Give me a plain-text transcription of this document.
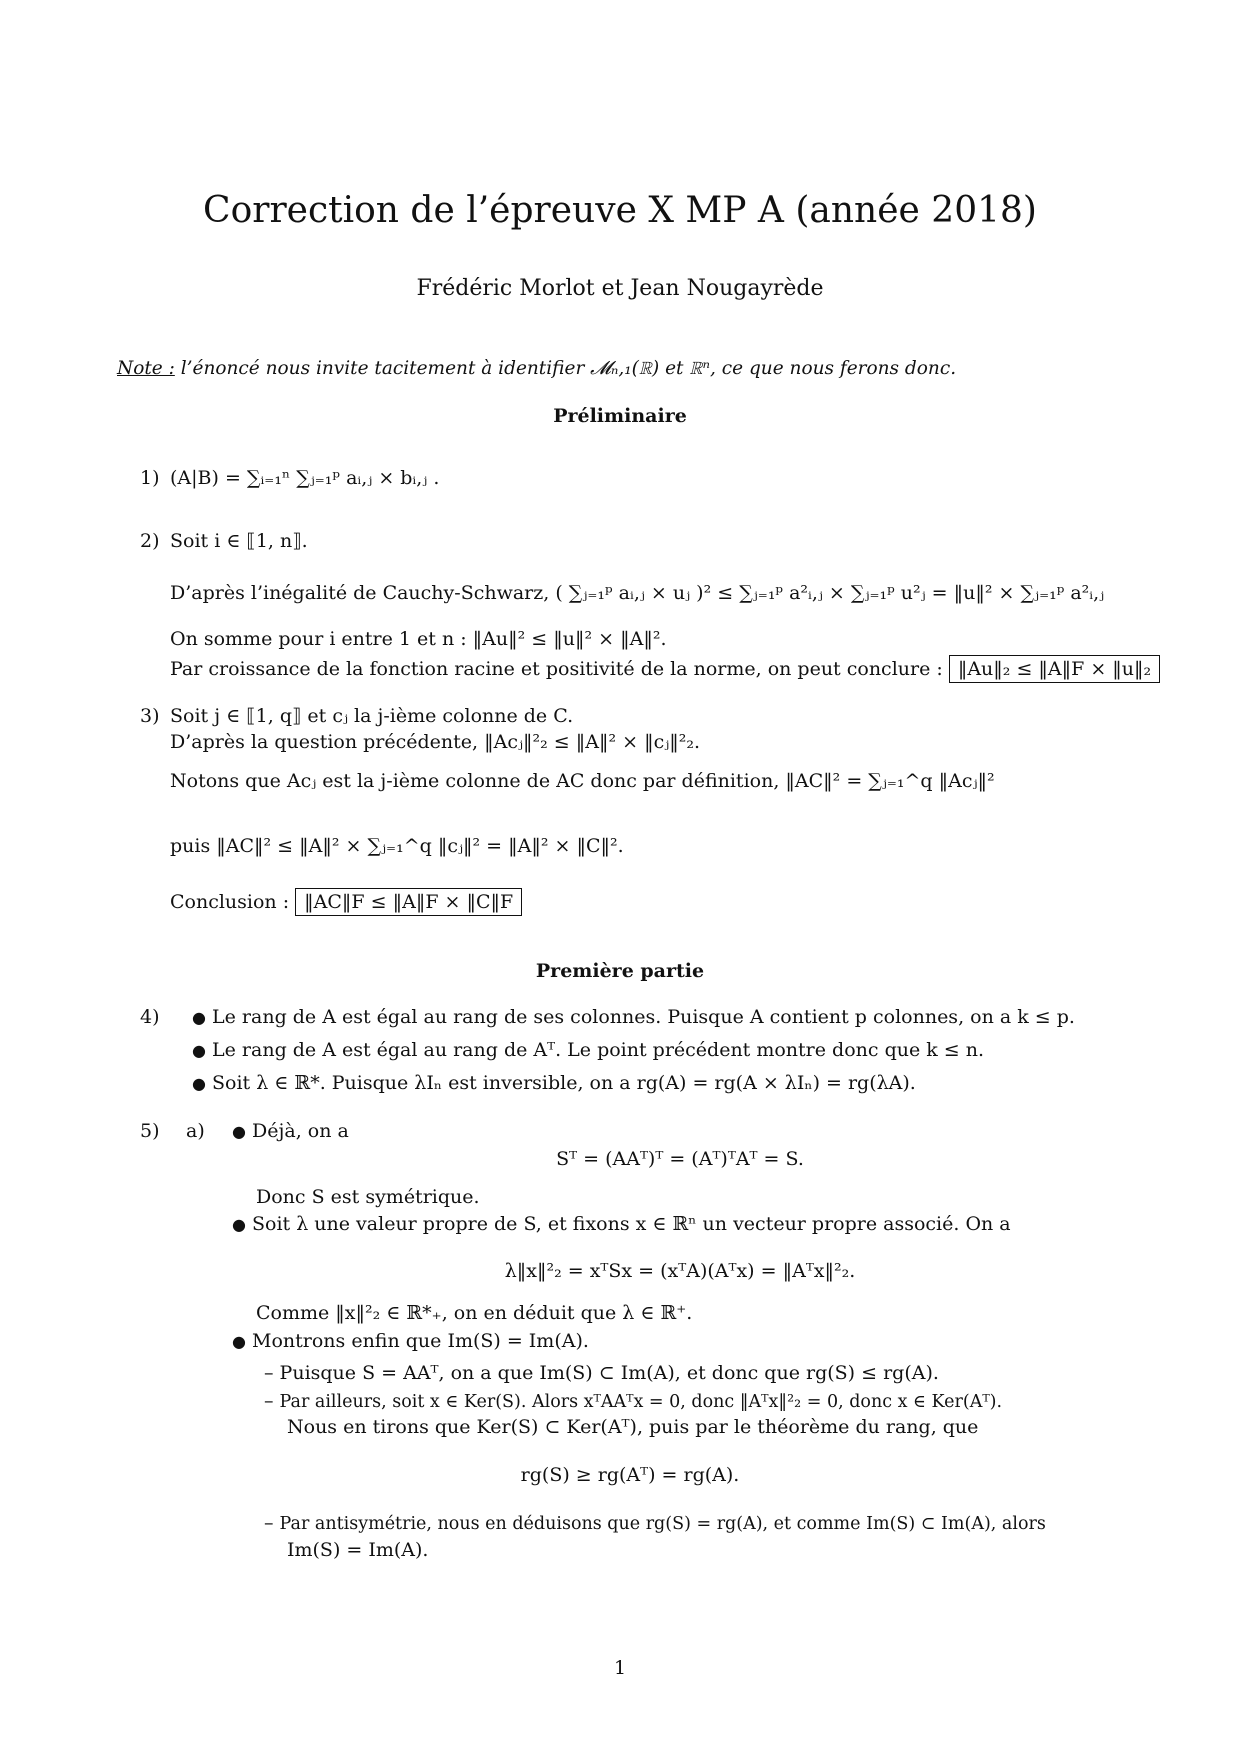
Correction de l’épreuve X MP A (année 2018)
Frédéric Morlot et Jean Nougayrède
Note : l’énoncé nous invite tacitement à identifier 𝓜ₙ,₁(ℝ) et ℝⁿ, ce que nous ferons donc.
Préliminaire
1) (A|B) = ∑ᵢ₌₁ⁿ ∑ⱼ₌₁ᵖ aᵢ,ⱼ × bᵢ,ⱼ .
2) Soit i ∈ ⟦1, n⟧.
D’après l’inégalité de Cauchy-Schwarz, ( ∑ⱼ₌₁ᵖ aᵢ,ⱼ × uⱼ )² ≤ ∑ⱼ₌₁ᵖ a²ᵢ,ⱼ × ∑ⱼ₌₁ᵖ u²ⱼ = ‖u‖² × ∑ⱼ₌₁ᵖ a²ᵢ,ⱼ
On somme pour i entre 1 et n : ‖Au‖² ≤ ‖u‖² × ‖A‖².
Par croissance de la fonction racine et positivité de la norme, on peut conclure : ‖Au‖₂ ≤ ‖A‖F × ‖u‖₂
3) Soit j ∈ ⟦1, q⟧ et cⱼ la j-ième colonne de C.
D’après la question précédente, ‖Acⱼ‖²₂ ≤ ‖A‖² × ‖cⱼ‖²₂.
Notons que Acⱼ est la j-ième colonne de AC donc par définition, ‖AC‖² = ∑ⱼ₌₁^q ‖Acⱼ‖²
puis ‖AC‖² ≤ ‖A‖² × ∑ⱼ₌₁^q ‖cⱼ‖² = ‖A‖² × ‖C‖².
Conclusion : ‖AC‖F ≤ ‖A‖F × ‖C‖F
Première partie
4) ● Le rang de A est égal au rang de ses colonnes. Puisque A contient p colonnes, on a k ≤ p.
● Le rang de A est égal au rang de Aᵀ. Le point précédent montre donc que k ≤ n.
● Soit λ ∈ ℝ*. Puisque λIₙ est inversible, on a rg(A) = rg(A × λIₙ) = rg(λA).
5) a) ● Déjà, on a
Sᵀ = (AAᵀ)ᵀ = (Aᵀ)ᵀAᵀ = S.
Donc S est symétrique.
● Soit λ une valeur propre de S, et fixons x ∈ ℝⁿ un vecteur propre associé. On a
λ‖x‖²₂ = xᵀSx = (xᵀA)(Aᵀx) = ‖Aᵀx‖²₂.
Comme ‖x‖²₂ ∈ ℝ*₊, on en déduit que λ ∈ ℝ⁺.
● Montrons enfin que Im(S) = Im(A).
– Puisque S = AAᵀ, on a que Im(S) ⊂ Im(A), et donc que rg(S) ≤ rg(A).
– Par ailleurs, soit x ∈ Ker(S). Alors xᵀAAᵀx = 0, donc ‖Aᵀx‖²₂ = 0, donc x ∈ Ker(Aᵀ).
Nous en tirons que Ker(S) ⊂ Ker(Aᵀ), puis par le théorème du rang, que
rg(S) ≥ rg(Aᵀ) = rg(A).
– Par antisymétrie, nous en déduisons que rg(S) = rg(A), et comme Im(S) ⊂ Im(A), alors
Im(S) = Im(A).
1
